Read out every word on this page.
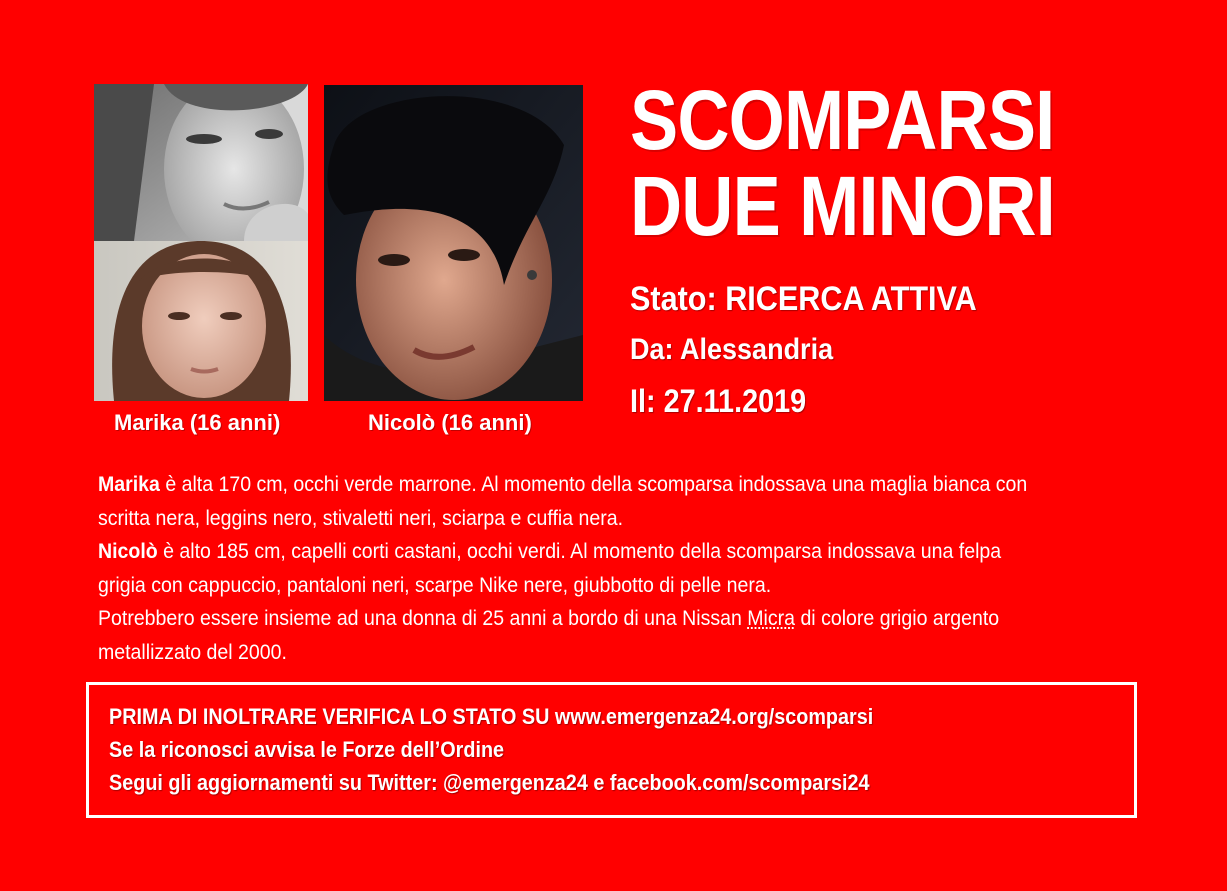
Marika (16 anni)	Nicolò (16 anni)
SCOMPARSI
DUE MINORI
Stato: RICERCA ATTIVA
Da: Alessandria
Il: 27.11.2019

Marika è alta 170 cm, occhi verde marrone. Al momento della scomparsa indossava una maglia bianca con scritta nera, leggins nero, stivaletti neri, sciarpa e cuffia nera.

Nicolò è alto 185 cm, capelli corti castani, occhi verdi. Al momento della scomparsa indossava una felpa grigia con cappuccio, pantaloni neri, scarpe Nike nere, giubbotto di pelle nera.

Potrebbero essere insieme ad una donna di 25 anni a bordo di una Nissan Micra di colore grigio argento metallizzato del 2000.

PRIMA DI INOLTRARE VERIFICA LO STATO SU www.emergenza24.org/scomparsi
Se la riconosci avvisa le Forze dell’Ordine
Segui gli aggiornamenti su Twitter: @emergenza24 e facebook.com/scomparsi24
